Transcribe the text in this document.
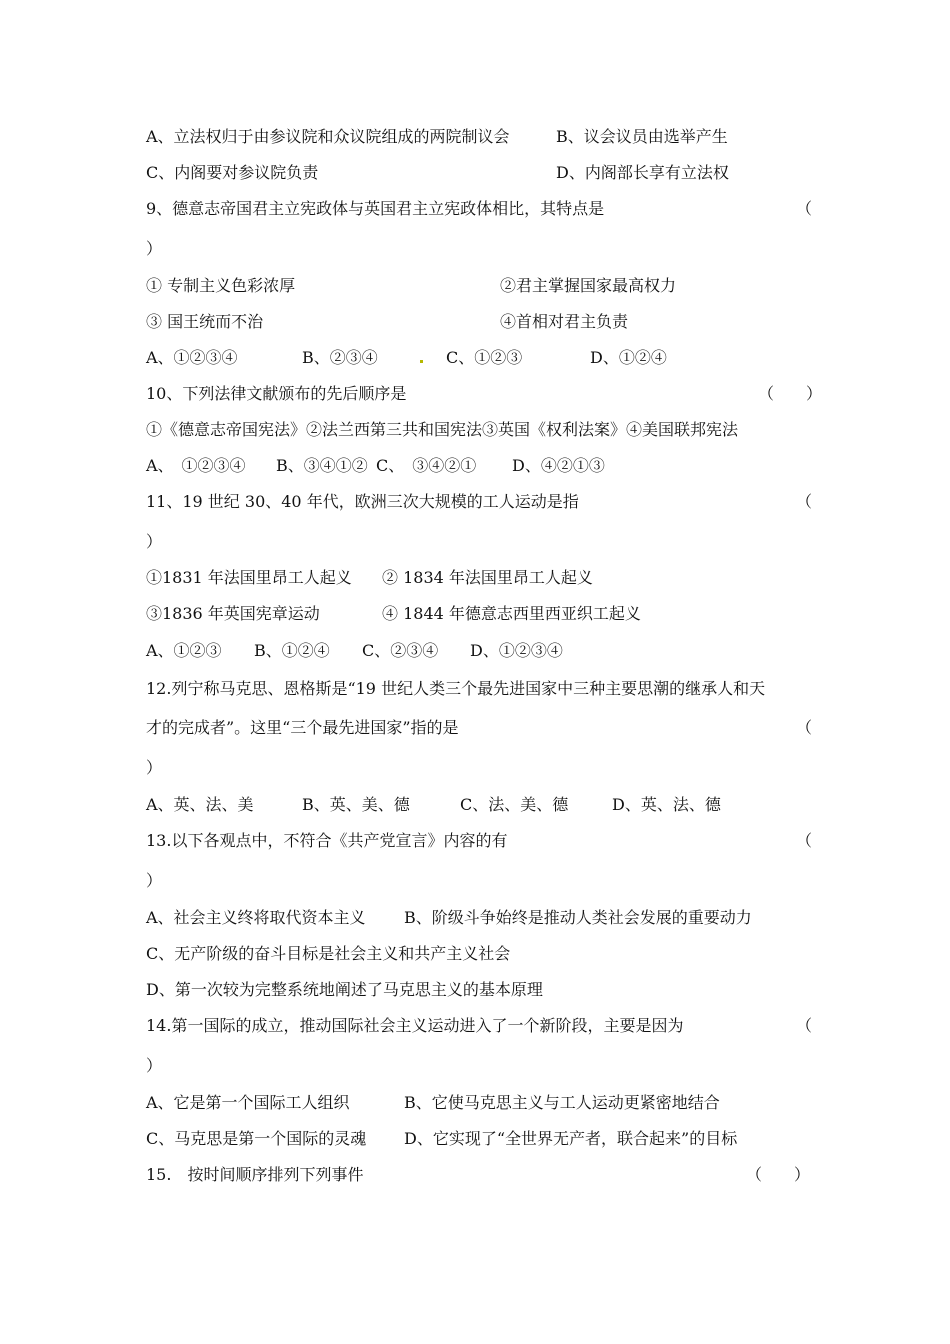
A、立法权归于由参议院和众议院组成的两院制议会	B、议会议员由选举产生
C、内阁要对参议院负责	D、内阁部长享有立法权
9、德意志帝国君主立宪政体与英国君主立宪政体相比，其特点是	（
）
① 专制主义色彩浓厚	②君主掌握国家最高权力
③ 国王统而不治	④首相对君主负责
A、①②③④	B、②③④	C、①②③	D、①②④
10、下列法律文献颁布的先后顺序是	（　　）
①《德意志帝国宪法》②法兰西第三共和国宪法③英国《权利法案》④美国联邦宪法
A、　①②③④ B、③④①② C、　③④②① D、④②①③
11、19 世纪 30、40 年代，欧洲三次大规模的工人运动是指	（
）
①1831 年法国里昂工人起义 ② 1834 年法国里昂工人起义
③1836 年英国宪章运动	④ 1844 年德意志西里西亚织工起义
A、①②③ B、①②④ C、②③④ D、①②③④
12.列宁称马克思、恩格斯是“19 世纪人类三个最先进国家中三种主要思潮的继承人和天
才的完成者”。这里“三个最先进国家”指的是	（
）
A、英、法、美	B、英、美、德	C、法、美、德	D、英、法、德
13.以下各观点中，不符合《共产党宣言》内容的有	（
）
A、社会主义终将取代资本主义 B、阶级斗争始终是推动人类社会发展的重要动力
C、无产阶级的奋斗目标是社会主义和共产主义社会
D、第一次较为完整系统地阐述了马克思主义的基本原理
14.第一国际的成立，推动国际社会主义运动进入了一个新阶段，主要是因为	（
）
A、它是第一个国际工人组织	B、它使马克思主义与工人运动更紧密地结合
C、马克思是第一个国际的灵魂 D、它实现了“全世界无产者，联合起来”的目标
15.　按时间顺序排列下列事件	（　　）
